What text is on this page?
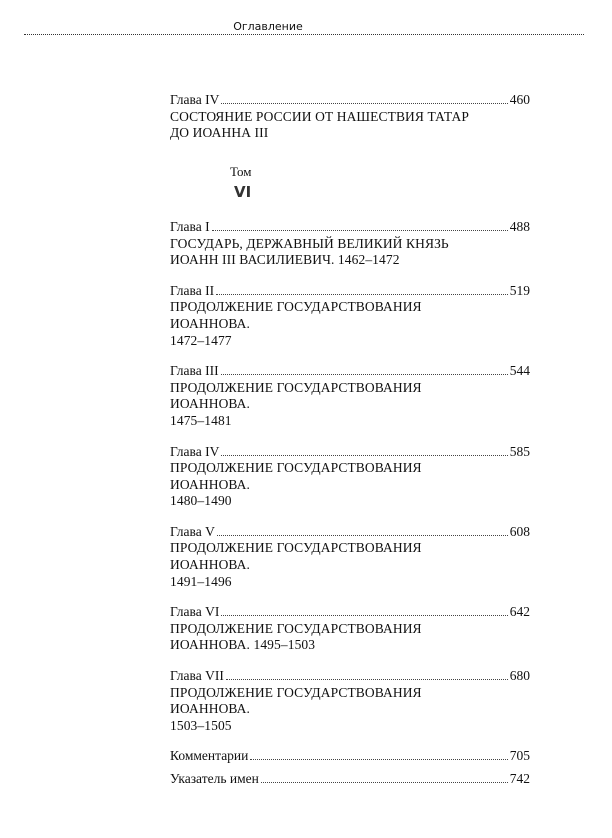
Оглавление
Глава IV	460
СОСТОЯНИЕ РОССИИ ОТ НАШЕСТВИЯ ТАТАР
ДО ИОАННА III
Том
VI
Глава I	488
ГОСУДАРЬ, ДЕРЖАВНЫЙ ВЕЛИКИЙ КНЯЗЬ
ИОАНН III ВАСИЛИЕВИЧ. 1462–1472
Глава II	519
ПРОДОЛЖЕНИЕ ГОСУДАРСТВОВАНИЯ
ИОАННОВА.
1472–1477
Глава III	544
ПРОДОЛЖЕНИЕ ГОСУДАРСТВОВАНИЯ
ИОАННОВА.
1475–1481
Глава IV	585
ПРОДОЛЖЕНИЕ ГОСУДАРСТВОВАНИЯ
ИОАННОВА.
1480–1490
Глава V	608
ПРОДОЛЖЕНИЕ ГОСУДАРСТВОВАНИЯ
ИОАННОВА.
1491–1496
Глава VI	642
ПРОДОЛЖЕНИЕ ГОСУДАРСТВОВАНИЯ
ИОАННОВА. 1495–1503
Глава VII	680
ПРОДОЛЖЕНИЕ ГОСУДАРСТВОВАНИЯ
ИОАННОВА.
1503–1505
Комментарии	705
Указатель имен	742
